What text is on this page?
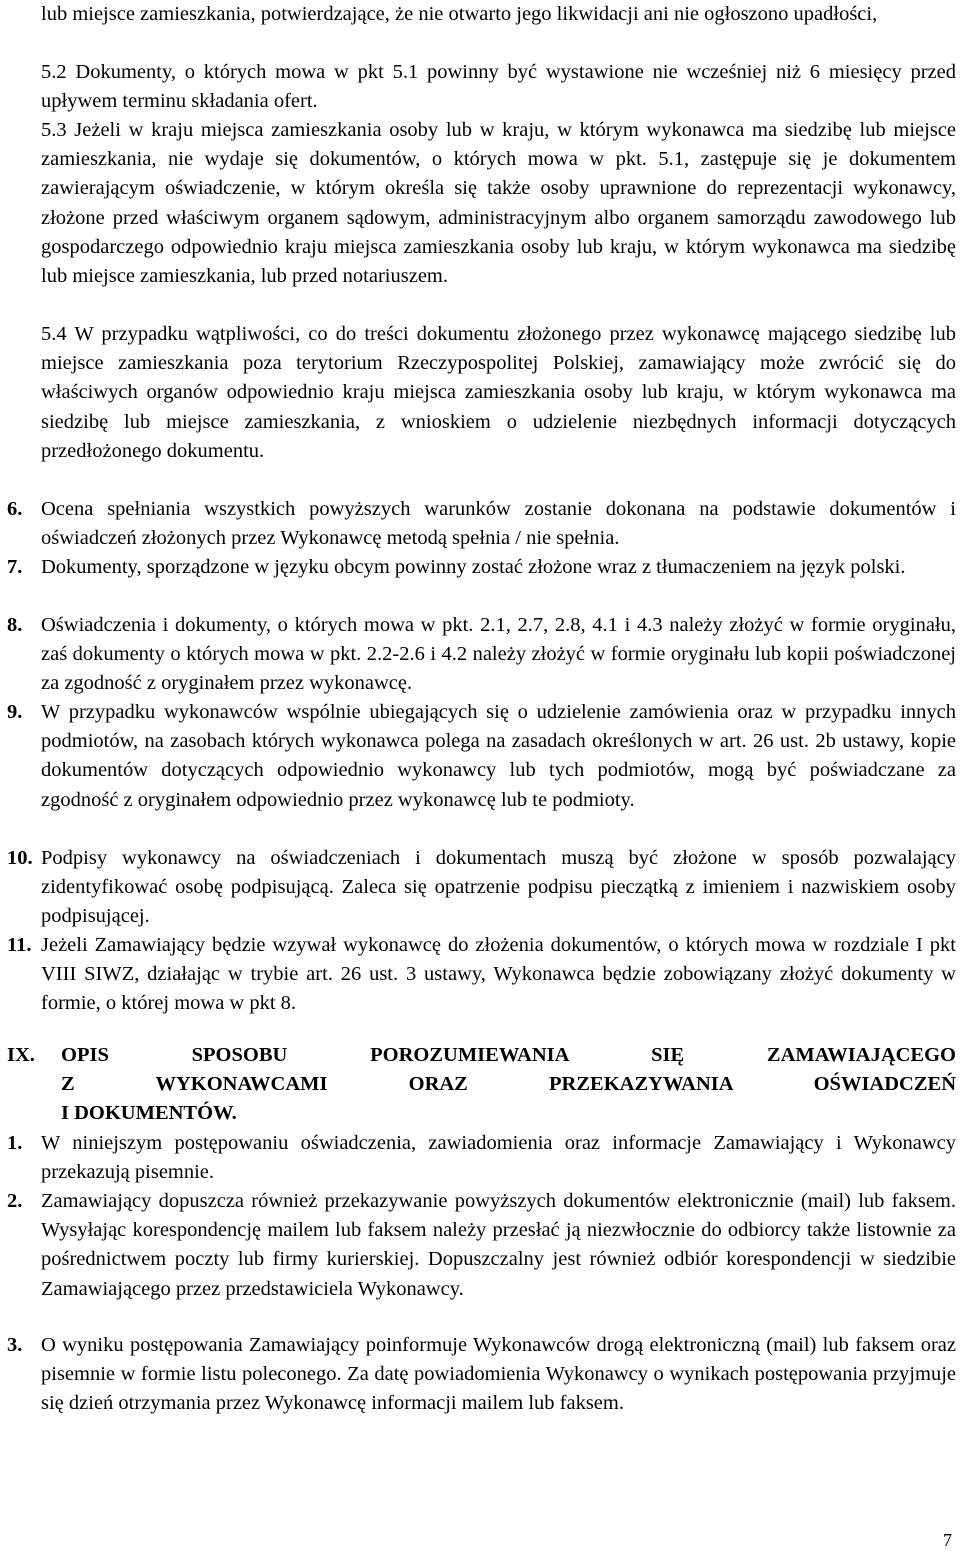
lub miejsce zamieszkania, potwierdzające, że nie otwarto jego likwidacji ani nie ogłoszono upadłości,
5.2 Dokumenty, o których mowa w pkt 5.1 powinny być wystawione nie wcześniej niż 6 miesięcy przed upływem terminu składania ofert.
5.3 Jeżeli w kraju miejsca zamieszkania osoby lub w kraju, w którym wykonawca ma siedzibę lub miejsce zamieszkania, nie wydaje się dokumentów, o których mowa w pkt. 5.1, zastępuje się je dokumentem zawierającym oświadczenie, w którym określa się także osoby uprawnione do reprezentacji wykonawcy, złożone przed właściwym organem sądowym, administracyjnym albo organem samorządu zawodowego lub gospodarczego odpowiednio kraju miejsca zamieszkania osoby lub kraju, w którym wykonawca ma siedzibę lub miejsce zamieszkania, lub przed notariuszem.
5.4 W przypadku wątpliwości, co do treści dokumentu złożonego przez wykonawcę mającego siedzibę lub miejsce zamieszkania poza terytorium Rzeczypospolitej Polskiej, zamawiający może zwrócić się do właściwych organów odpowiednio kraju miejsca zamieszkania osoby lub kraju, w którym wykonawca ma siedzibę lub miejsce zamieszkania, z wnioskiem o udzielenie niezbędnych informacji dotyczących przedłożonego dokumentu.
6. Ocena spełniania wszystkich powyższych warunków zostanie dokonana na podstawie dokumentów i oświadczeń złożonych przez Wykonawcę metodą spełnia / nie spełnia.
7. Dokumenty, sporządzone w języku obcym powinny zostać złożone wraz z tłumaczeniem na język polski.
8. Oświadczenia i dokumenty, o których mowa w pkt. 2.1, 2.7, 2.8, 4.1 i 4.3 należy złożyć w formie oryginału, zaś dokumenty o których mowa w pkt. 2.2-2.6 i 4.2 należy złożyć w formie oryginału lub kopii poświadczonej za zgodność z oryginałem przez wykonawcę.
9. W przypadku wykonawców wspólnie ubiegających się o udzielenie zamówienia oraz w przypadku innych podmiotów, na zasobach których wykonawca polega na zasadach określonych w art. 26 ust. 2b ustawy, kopie dokumentów dotyczących odpowiednio wykonawcy lub tych podmiotów, mogą być poświadczane za zgodność z oryginałem odpowiednio przez wykonawcę lub te podmioty.
10. Podpisy wykonawcy na oświadczeniach i dokumentach muszą być złożone w sposób pozwalający zidentyfikować osobę podpisującą. Zaleca się opatrzenie podpisu pieczątką z imieniem i nazwiskiem osoby podpisującej.
11. Jeżeli Zamawiający będzie wzywał wykonawcę do złożenia dokumentów, o których mowa w rozdziale I pkt VIII SIWZ, działając w trybie art. 26 ust. 3 ustawy, Wykonawca będzie zobowiązany złożyć dokumenty w formie, o której mowa w pkt 8.
IX. OPIS SPOSOBU POROZUMIEWANIA SIĘ ZAMAWIAJĄCEGO
Z WYKONAWCAMI ORAZ PRZEKAZYWANIA OŚWIADCZEŃ
I DOKUMENTÓW.
1. W niniejszym postępowaniu oświadczenia, zawiadomienia oraz informacje Zamawiający i Wykonawcy przekazują pisemnie.
2. Zamawiający dopuszcza również przekazywanie powyższych dokumentów elektronicznie (mail) lub faksem. Wysyłając korespondencję mailem lub faksem należy przesłać ją niezwłocznie do odbiorcy także listownie za pośrednictwem poczty lub firmy kurierskiej. Dopuszczalny jest również odbiór korespondencji w siedzibie Zamawiającego przez przedstawiciela Wykonawcy.
3. O wyniku postępowania Zamawiający poinformuje Wykonawców drogą elektroniczną (mail) lub faksem oraz pisemnie w formie listu poleconego. Za datę powiadomienia Wykonawcy o wynikach postępowania przyjmuje się dzień otrzymania przez Wykonawcę informacji mailem lub faksem.
7
